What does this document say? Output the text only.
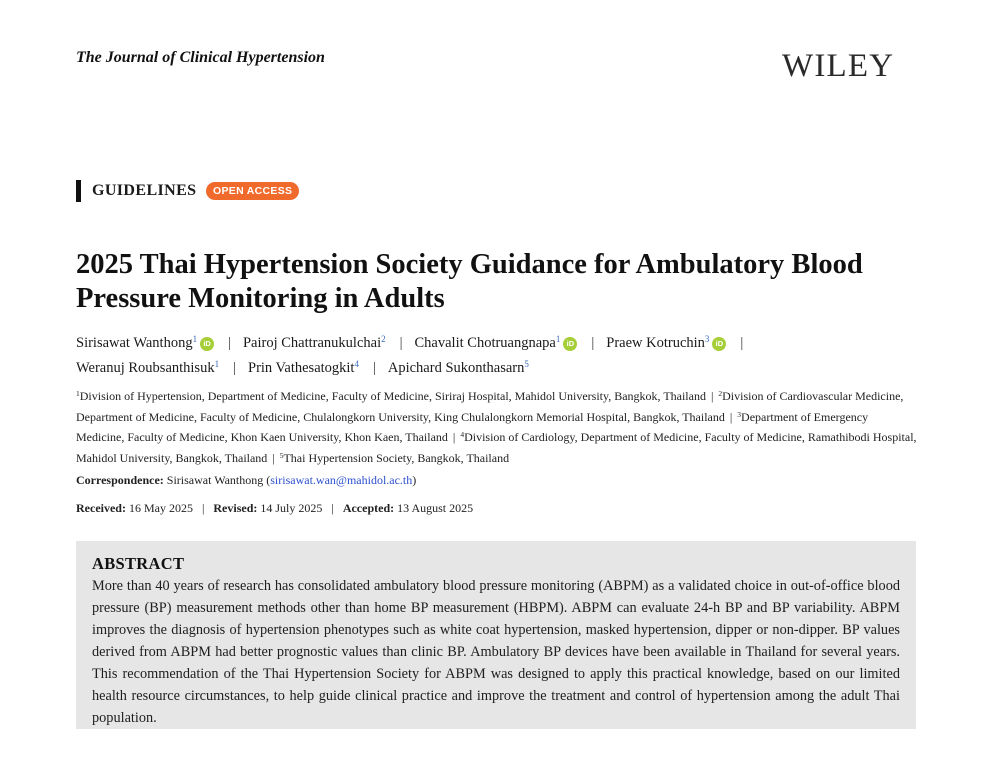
The Journal of Clinical Hypertension	WILEY
GUIDELINES	OPEN ACCESS
2025 Thai Hypertension Society Guidance for Ambulatory Blood Pressure Monitoring in Adults
Sirisawat Wanthong$^1$ iD | Pairoj Chattranukulchai$^2$ | Chavalit Chotruangnapa$^1$ iD | Praew Kotruchin$^3$ iD |
Weranuj Roubsanthisuk$^1$ | Prin Vathesatogkit$^4$ | Apichard Sukonthasarn$^5$
$^1$Division of Hypertension, Department of Medicine, Faculty of Medicine, Siriraj Hospital, Mahidol University, Bangkok, Thailand | $^2$Division of Cardiovascular Medicine, Department of Medicine, Faculty of Medicine, Chulalongkorn University, King Chulalongkorn Memorial Hospital, Bangkok, Thailand | $^3$Department of Emergency Medicine, Faculty of Medicine, Khon Kaen University, Khon Kaen, Thailand | $^4$Division of Cardiology, Department of Medicine, Faculty of Medicine, Ramathibodi Hospital, Mahidol University, Bangkok, Thailand | $^5$Thai Hypertension Society, Bangkok, Thailand
Correspondence: Sirisawat Wanthong (sirisawat.wan@mahidol.ac.th)
Received: 16 May 2025 | Revised: 14 July 2025 | Accepted: 13 August 2025
ABSTRACT

More than 40 years of research has consolidated ambulatory blood pressure monitoring (ABPM) as a validated choice in out-of-office blood pressure (BP) measurement methods other than home BP measurement (HBPM). ABPM can evaluate 24-h BP and BP variability. ABPM improves the diagnosis of hypertension phenotypes such as white coat hypertension, masked hypertension, dipper or non-dipper. BP values derived from ABPM had better prognostic values than clinic BP. Ambulatory BP devices have been available in Thailand for several years. This recommendation of the Thai Hypertension Society for ABPM was designed to apply this practical knowledge, based on our limited health resource circumstances, to help guide clinical practice and improve the treatment and control of hypertension among the adult Thai population.
